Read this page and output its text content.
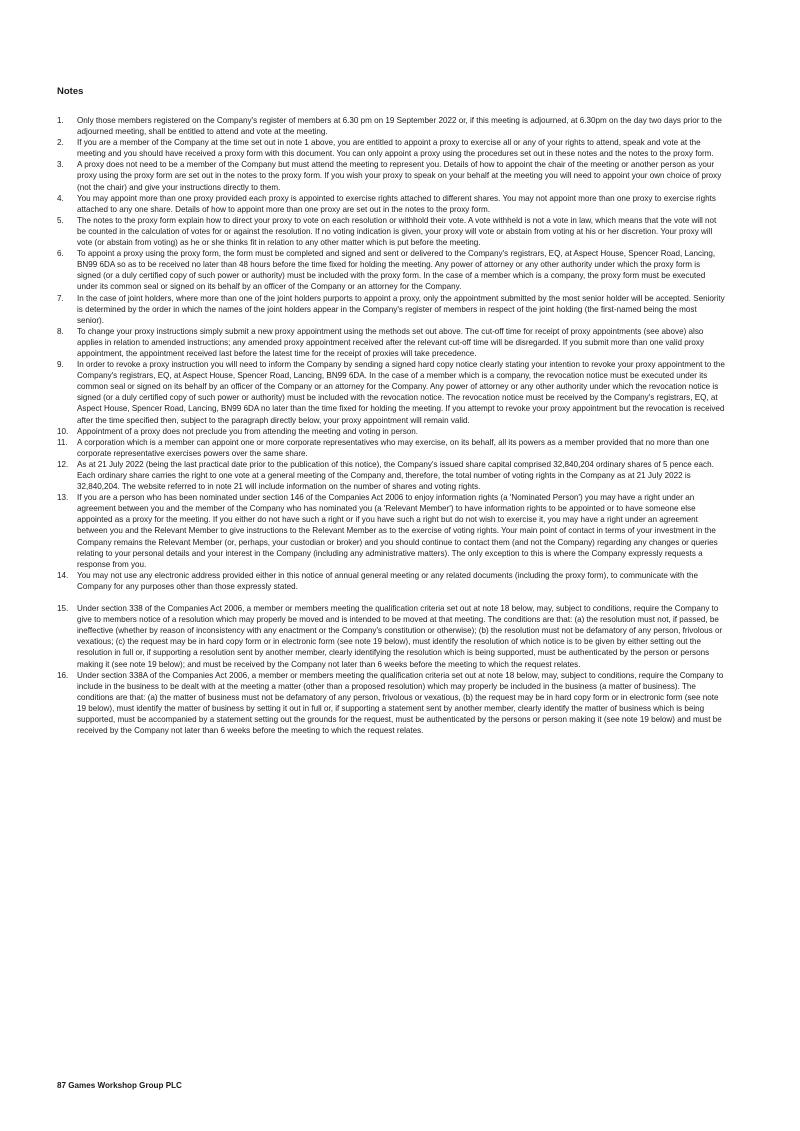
Notes
1.	Only those members registered on the Company's register of members at 6.30 pm on 19 September 2022 or, if this meeting is adjourned, at 6.30pm on the day two days prior to the adjourned meeting, shall be entitled to attend and vote at the meeting.
2.	If you are a member of the Company at the time set out in note 1 above, you are entitled to appoint a proxy to exercise all or any of your rights to attend, speak and vote at the meeting and you should have received a proxy form with this document. You can only appoint a proxy using the procedures set out in these notes and the notes to the proxy form.
3.	A proxy does not need to be a member of the Company but must attend the meeting to represent you. Details of how to appoint the chair of the meeting or another person as your proxy using the proxy form are set out in the notes to the proxy form. If you wish your proxy to speak on your behalf at the meeting you will need to appoint your own choice of proxy (not the chair) and give your instructions directly to them.
4.	You may appoint more than one proxy provided each proxy is appointed to exercise rights attached to different shares. You may not appoint more than one proxy to exercise rights attached to any one share. Details of how to appoint more than one proxy are set out in the notes to the proxy form.
5.	The notes to the proxy form explain how to direct your proxy to vote on each resolution or withhold their vote. A vote withheld is not a vote in law, which means that the vote will not be counted in the calculation of votes for or against the resolution. If no voting indication is given, your proxy will vote or abstain from voting at his or her discretion. Your proxy will vote (or abstain from voting) as he or she thinks fit in relation to any other matter which is put before the meeting.
6.	To appoint a proxy using the proxy form, the form must be completed and signed and sent or delivered to the Company's registrars, EQ, at Aspect House, Spencer Road, Lancing, BN99 6DA so as to be received no later than 48 hours before the time fixed for holding the meeting. Any power of attorney or any other authority under which the proxy form is signed (or a duly certified copy of such power or authority) must be included with the proxy form. In the case of a member which is a company, the proxy form must be executed under its common seal or signed on its behalf by an officer of the Company or an attorney for the Company.
7.	In the case of joint holders, where more than one of the joint holders purports to appoint a proxy, only the appointment submitted by the most senior holder will be accepted. Seniority is determined by the order in which the names of the joint holders appear in the Company's register of members in respect of the joint holding (the first-named being the most senior).
8.	To change your proxy instructions simply submit a new proxy appointment using the methods set out above. The cut-off time for receipt of proxy appointments (see above) also applies in relation to amended instructions; any amended proxy appointment received after the relevant cut-off time will be disregarded. If you submit more than one valid proxy appointment, the appointment received last before the latest time for the receipt of proxies will take precedence.
9.	In order to revoke a proxy instruction you will need to inform the Company by sending a signed hard copy notice clearly stating your intention to revoke your proxy appointment to the Company's registrars, EQ, at Aspect House, Spencer Road, Lancing, BN99 6DA. In the case of a member which is a company, the revocation notice must be executed under its common seal or signed on its behalf by an officer of the Company or an attorney for the Company. Any power of attorney or any other authority under which the revocation notice is signed (or a duly certified copy of such power or authority) must be included with the revocation notice. The revocation notice must be received by the Company's registrars, EQ, at Aspect House, Spencer Road, Lancing, BN99 6DA no later than the time fixed for holding the meeting. If you attempt to revoke your proxy appointment but the revocation is received after the time specified then, subject to the paragraph directly below, your proxy appointment will remain valid.
10.	Appointment of a proxy does not preclude you from attending the meeting and voting in person.
11.	A corporation which is a member can appoint one or more corporate representatives who may exercise, on its behalf, all its powers as a member provided that no more than one corporate representative exercises powers over the same share.
12.	As at 21 July 2022 (being the last practical date prior to the publication of this notice), the Company's issued share capital comprised 32,840,204 ordinary shares of 5 pence each. Each ordinary share carries the right to one vote at a general meeting of the Company and, therefore, the total number of voting rights in the Company as at 21 July 2022 is 32,840,204. The website referred to in note 21 will include information on the number of shares and voting rights.
13.	If you are a person who has been nominated under section 146 of the Companies Act 2006 to enjoy information rights (a 'Nominated Person') you may have a right under an agreement between you and the member of the Company who has nominated you (a 'Relevant Member') to have information rights to be appointed or to have someone else appointed as a proxy for the meeting. If you either do not have such a right or if you have such a right but do not wish to exercise it, you may have a right under an agreement between you and the Relevant Member to give instructions to the Relevant Member as to the exercise of voting rights. Your main point of contact in terms of your investment in the Company remains the Relevant Member (or, perhaps, your custodian or broker) and you should continue to contact them (and not the Company) regarding any changes or queries relating to your personal details and your interest in the Company (including any administrative matters). The only exception to this is where the Company expressly requests a response from you.
14.	You may not use any electronic address provided either in this notice of annual general meeting or any related documents (including the proxy form), to communicate with the Company for any purposes other than those expressly stated.
15.	Under section 338 of the Companies Act 2006, a member or members meeting the qualification criteria set out at note 18 below, may, subject to conditions, require the Company to give to members notice of a resolution which may properly be moved and is intended to be moved at that meeting. The conditions are that: (a) the resolution must not, if passed, be ineffective (whether by reason of inconsistency with any enactment or the Company's constitution or otherwise); (b) the resolution must not be defamatory of any person, frivolous or vexatious; (c) the request may be in hard copy form or in electronic form (see note 19 below), must identify the resolution of which notice is to be given by either setting out the resolution in full or, if supporting a resolution sent by another member, clearly identifying the resolution which is being supported, must be authenticated by the person or persons making it (see note 19 below); and must be received by the Company not later than 6 weeks before the meeting to which the request relates.
16.	Under section 338A of the Companies Act 2006, a member or members meeting the qualification criteria set out at note 18 below, may, subject to conditions, require the Company to include in the business to be dealt with at the meeting a matter (other than a proposed resolution) which may properly be included in the business (a matter of business). The conditions are that: (a) the matter of business must not be defamatory of any person, frivolous or vexatious, (b) the request may be in hard copy form or in electronic form (see note 19 below), must identify the matter of business by setting it out in full or, if supporting a statement sent by another member, clearly identify the matter of business which is being supported, must be accompanied by a statement setting out the grounds for the request, must be authenticated by the persons or person making it (see note 19 below) and must be received by the Company not later than 6 weeks before the meeting to which the request relates.
87 Games Workshop Group PLC
